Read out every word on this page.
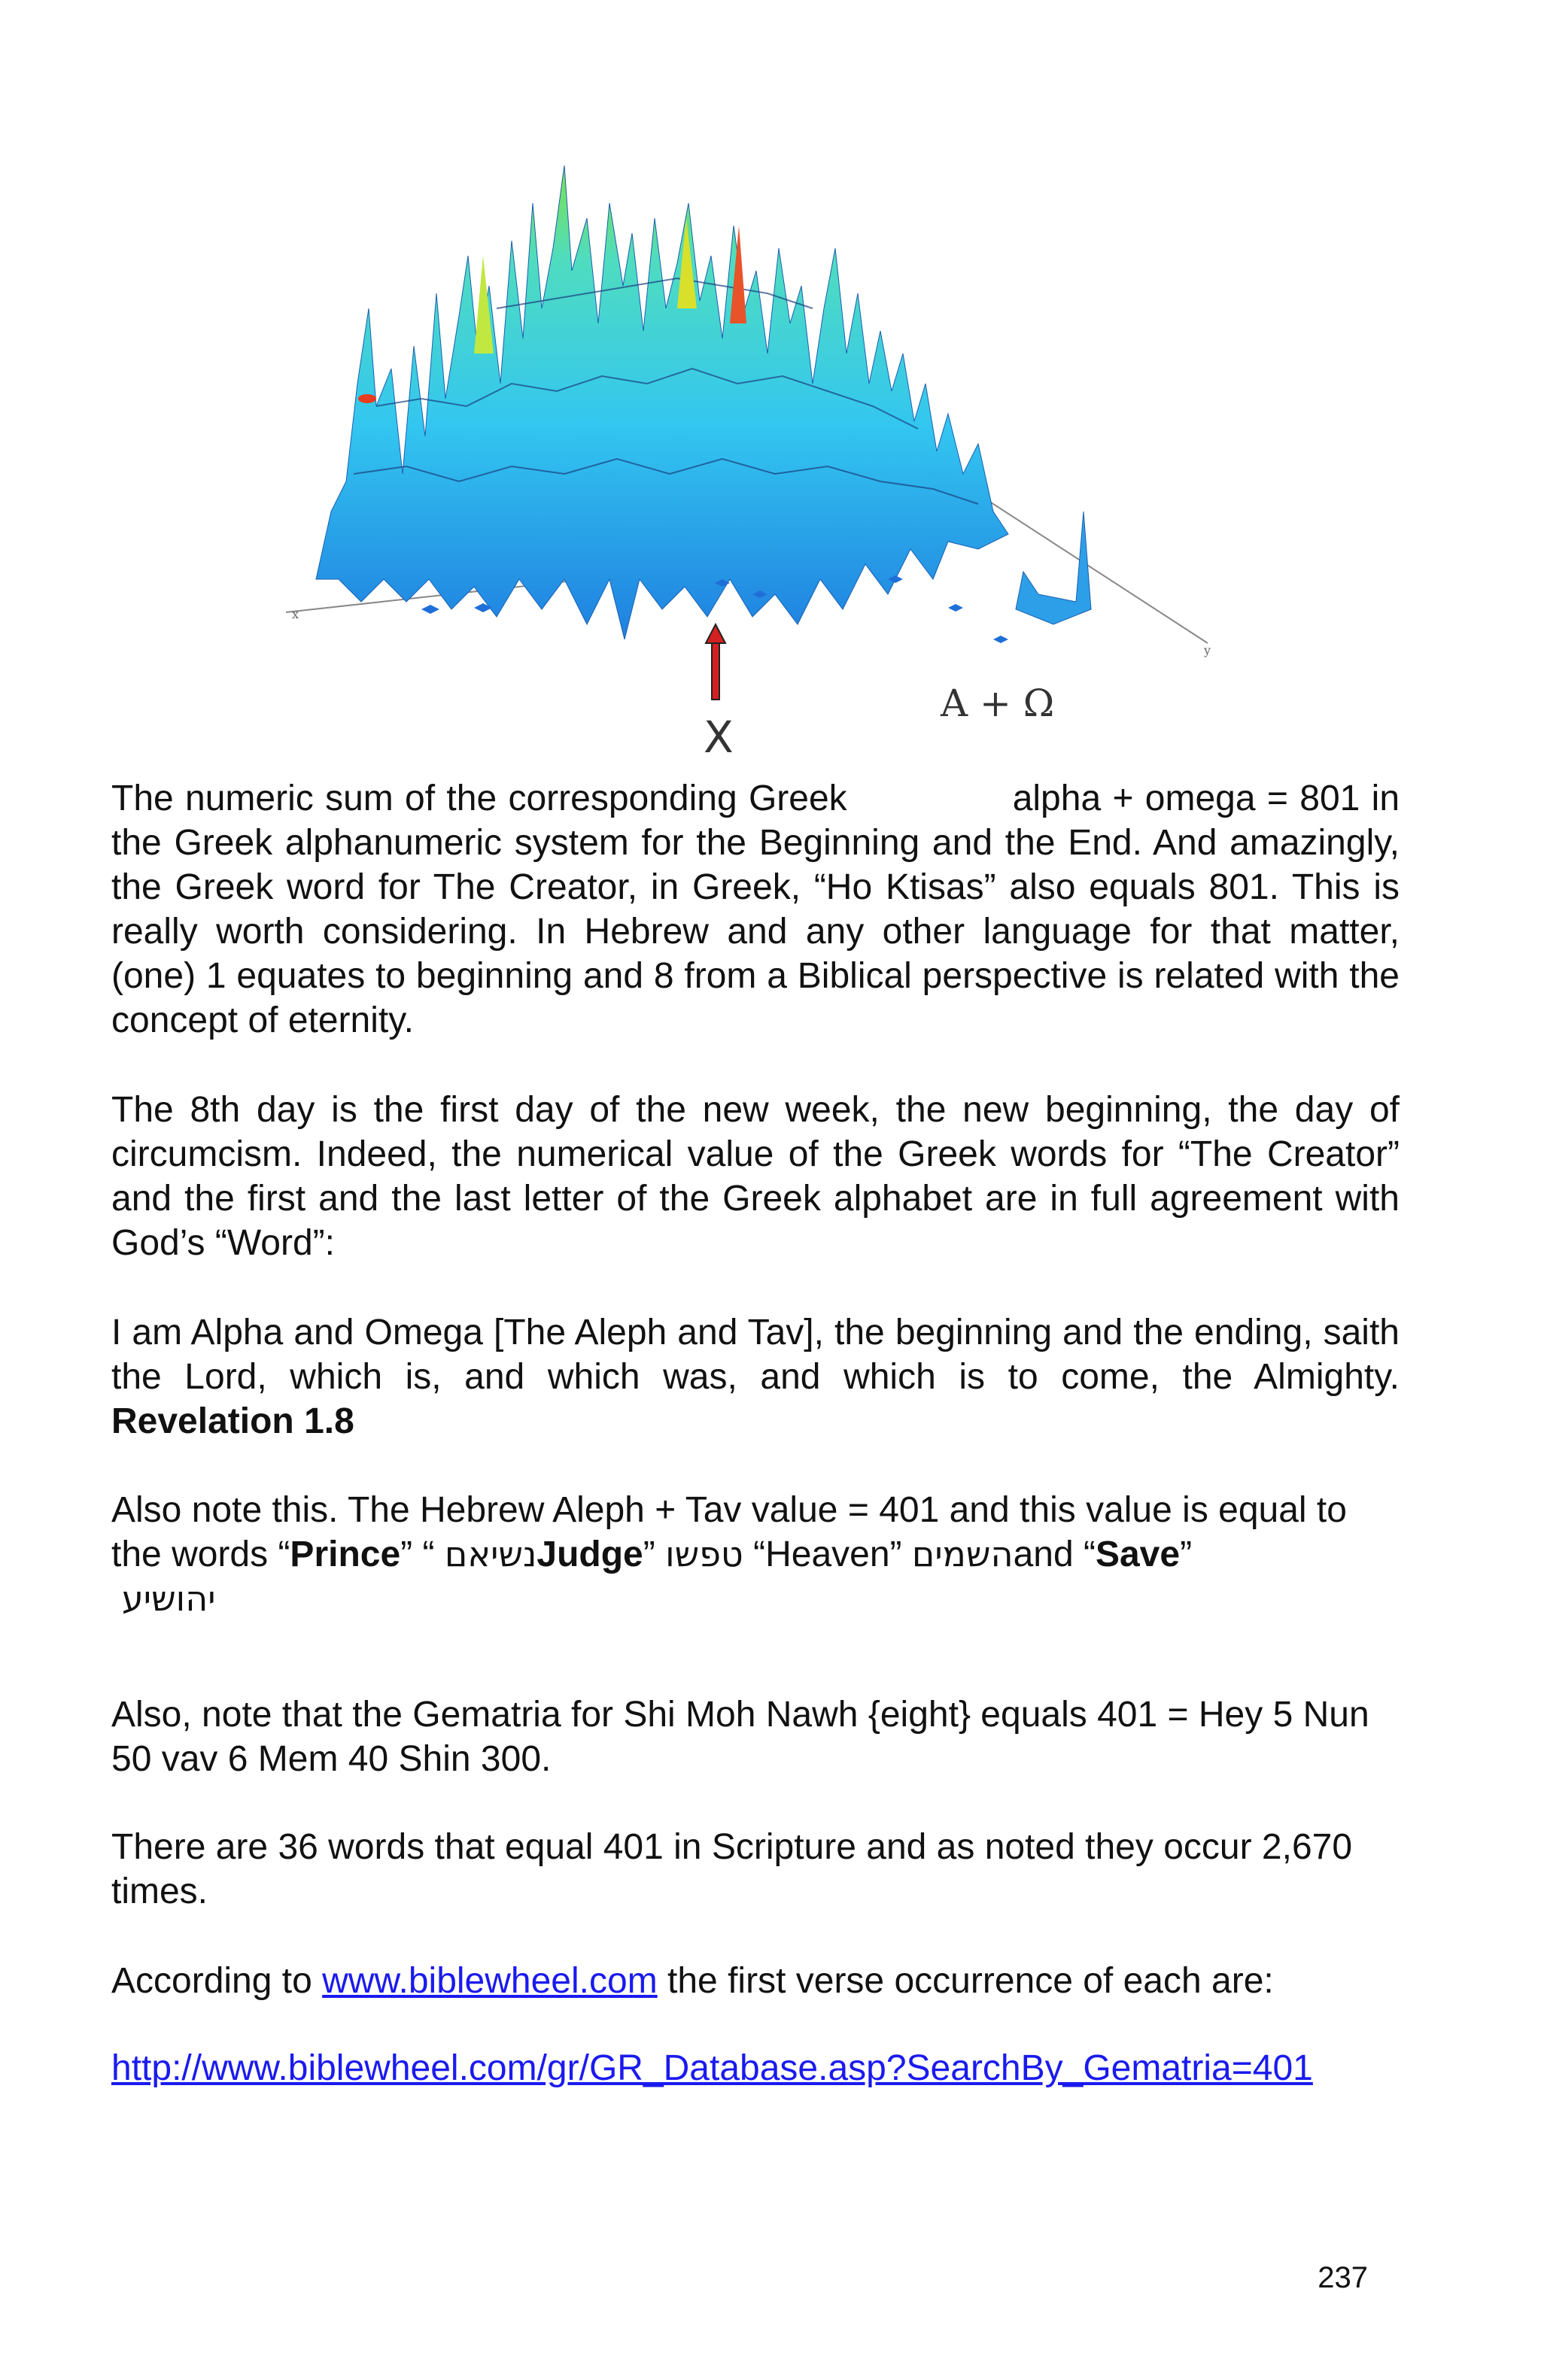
x
y
X
A + Ω
The numeric sum of the corresponding Greek	alpha + omega = 801 in the Greek alphanumeric system for the Beginning and the End. And amazingly, the Greek word for The Creator, in Greek, “Ho Ktisas” also equals 801. This is really worth considering. In Hebrew and any other language for that matter, (one) 1 equates to beginning and 8 from a Biblical perspective is related with the concept of eternity.
The 8th day is the first day of the new week, the new beginning, the day of circumcism. Indeed, the numerical value of the Greek words for “The Creator” and the first and the last letter of the Greek alphabet are in full agreement with God’s “Word”:
I am Alpha and Omega [The Aleph and Tav], the beginning and the ending, saith the Lord, which is, and which was, and which is to come, the Almighty. Revelation 1.8
Also note this. The Hebrew Aleph + Tav value = 401 and this value is equal to the words “Prince” “ נשיאםJudge” טפשו “Heaven” השמיםand “Save”
יהושיע
Also, note that the Gematria for Shi Moh Nawh {eight} equals 401 = Hey 5 Nun 50 vav 6 Mem 40 Shin 300.
There are 36 words that equal 401 in Scripture and as noted they occur 2,670 times.
According to www.biblewheel.com the first verse occurrence of each are:
http://www.biblewheel.com/gr/GR_Database.asp?SearchBy_Gematria=401
237
